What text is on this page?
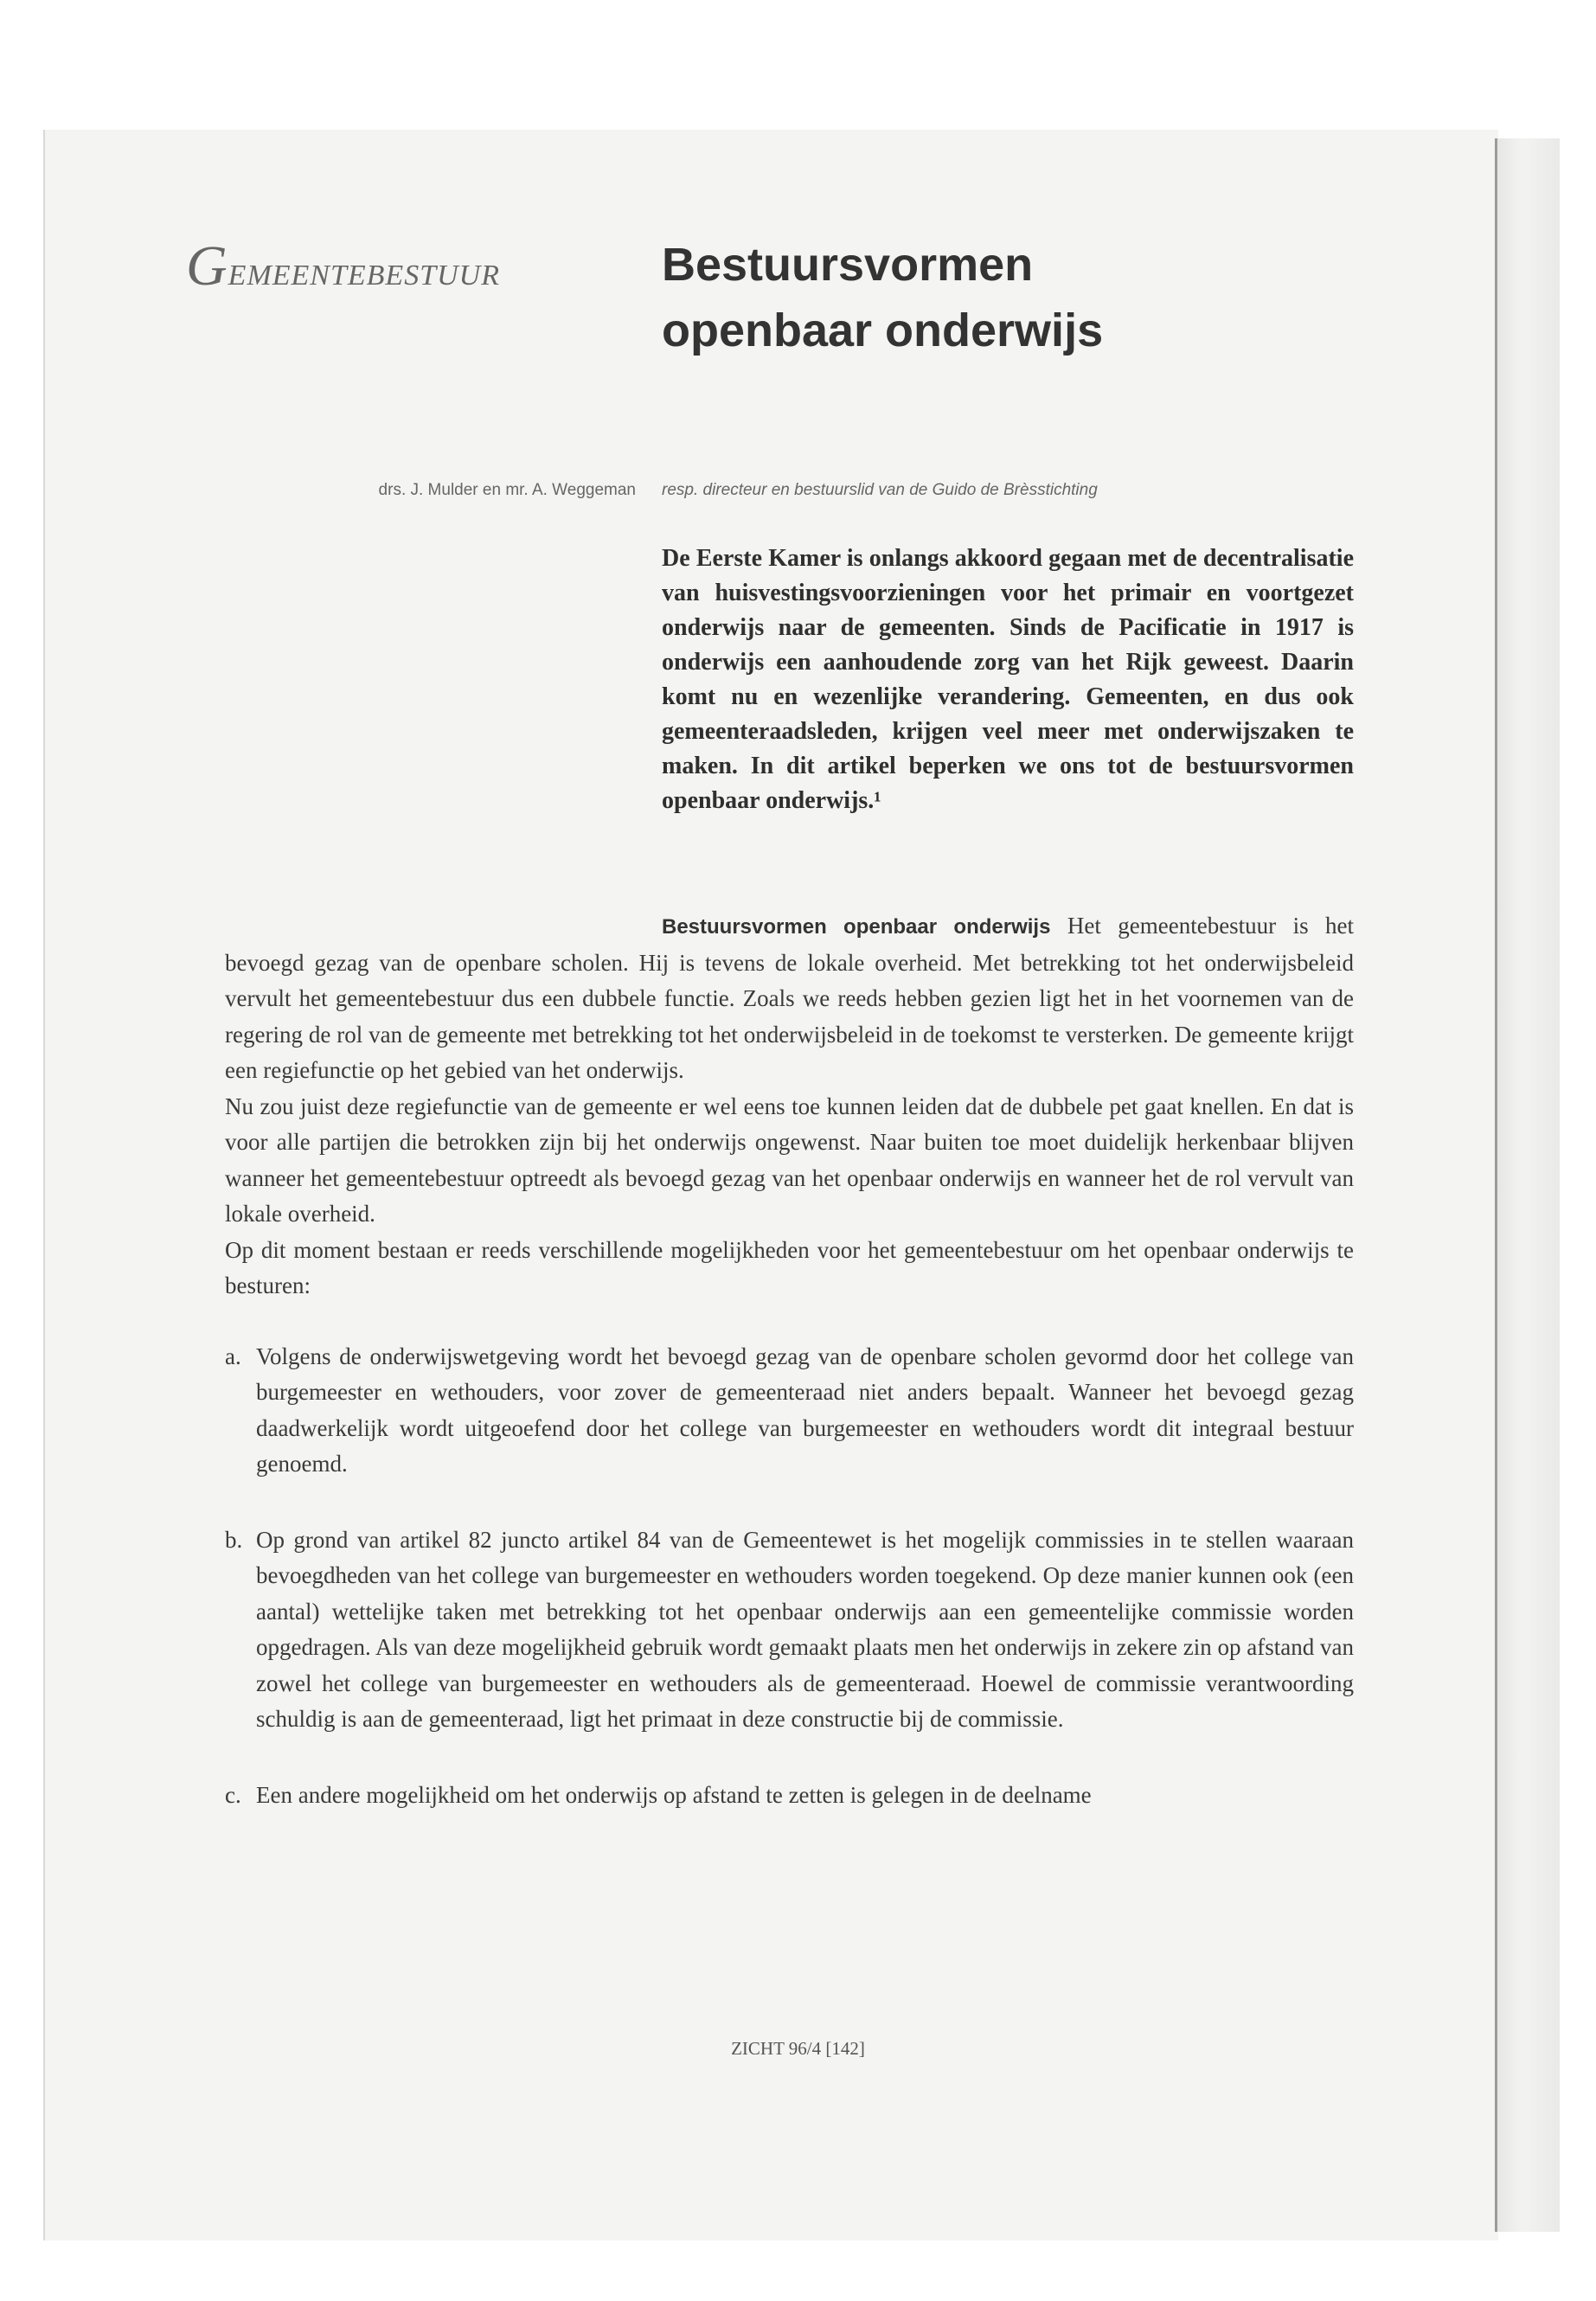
GEMEENTEBESTUUR	Bestuursvormen
openbaar onderwijs
drs. J. Mulder en mr. A. Weggeman resp. directeur en bestuurslid van de Guido de Brèsstichting

De Eerste Kamer is onlangs akkoord gegaan met de decentralisatie van huisvestingsvoorzieningen voor het primair en voortgezet onderwijs naar de gemeenten. Sinds de Pacificatie in 1917 is onderwijs een aanhoudende zorg van het Rijk geweest. Daarin komt nu en wezenlijke verandering. Gemeenten, en dus ook gemeenteraadsleden, krijgen veel meer met onderwijszaken te maken. In dit artikel beperken we ons tot de bestuursvormen openbaar onderwijs.¹

Bestuursvormen openbaar onderwijs Het gemeentebestuur is het bevoegd gezag van de openbare scholen. Hij is tevens de lokale overheid. Met betrekking tot het onderwijsbeleid vervult het gemeentebestuur dus een dubbele functie. Zoals we reeds hebben gezien ligt het in het voornemen van de regering de rol van de gemeente met betrekking tot het onderwijsbeleid in de toekomst te versterken. De gemeente krijgt een regiefunctie op het gebied van het onderwijs.

Nu zou juist deze regiefunctie van de gemeente er wel eens toe kunnen leiden dat de dubbele pet gaat knellen. En dat is voor alle partijen die betrokken zijn bij het onderwijs ongewenst. Naar buiten toe moet duidelijk herkenbaar blijven wanneer het gemeentebestuur optreedt als bevoegd gezag van het openbaar onderwijs en wanneer het de rol vervult van lokale overheid.

Op dit moment bestaan er reeds verschillende mogelijkheden voor het gemeentebestuur om het openbaar onderwijs te besturen:

a. Volgens de onderwijswetgeving wordt het bevoegd gezag van de openbare scholen gevormd door het college van burgemeester en wethouders, voor zover de gemeenteraad niet anders bepaalt. Wanneer het bevoegd gezag daadwerkelijk wordt uitgeoefend door het college van burgemeester en wethouders wordt dit integraal bestuur genoemd.
b. Op grond van artikel 82 juncto artikel 84 van de Gemeentewet is het mogelijk commissies in te stellen waaraan bevoegdheden van het college van burgemeester en wethouders worden toegekend. Op deze manier kunnen ook (een aantal) wettelijke taken met betrekking tot het openbaar onderwijs aan een gemeentelijke commissie worden opgedragen. Als van deze mogelijkheid gebruik wordt gemaakt plaats men het onderwijs in zekere zin op afstand van zowel het college van burgemeester en wethouders als de gemeenteraad. Hoewel de commissie verantwoording schuldig is aan de gemeenteraad, ligt het primaat in deze constructie bij de commissie.
c. Een andere mogelijkheid om het onderwijs op afstand te zetten is gelegen in de deelname
ZICHT 96/4 [142]
